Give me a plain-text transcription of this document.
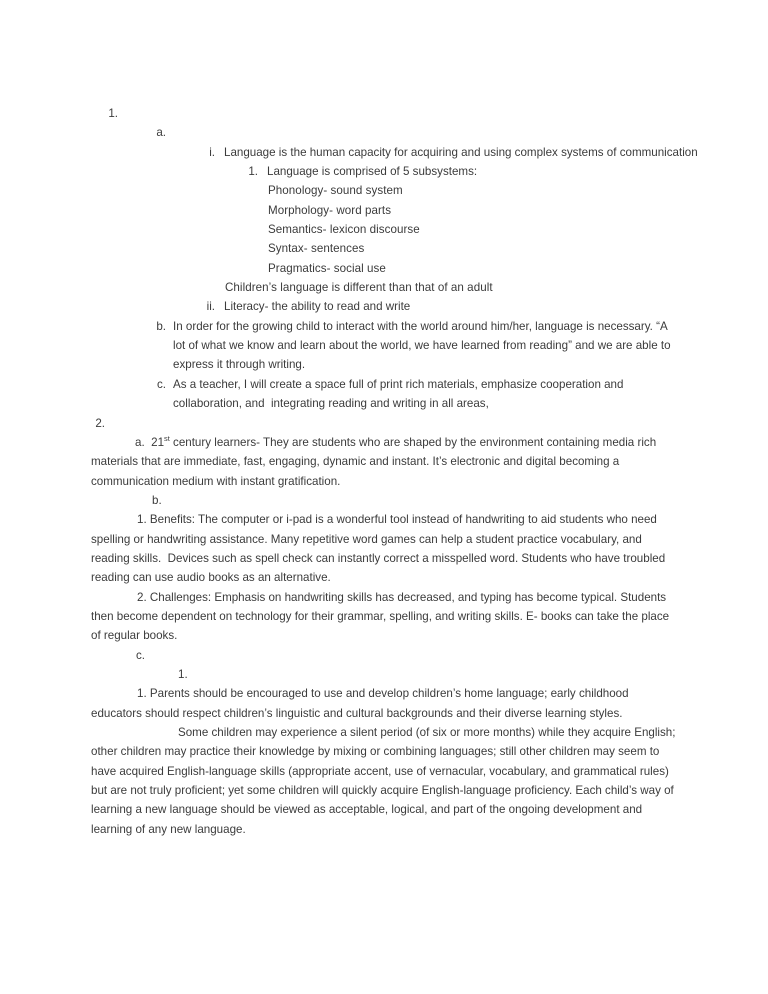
1.
a.
i. Language is the human capacity for acquiring and using complex systems of communication
1. Language is comprised of 5 subsystems:
Phonology- sound system
Morphology- word parts
Semantics- lexicon discourse
Syntax- sentences
Pragmatics- social use
Children’s language is different than that of an adult
ii. Literacy- the ability to read and write
b. In order for the growing child to interact with the world around him/her, language is necessary. “A lot of what we know and learn about the world, we have learned from reading” and we are able to express it through writing.
c. As a teacher, I will create a space full of print rich materials, emphasize cooperation and collaboration, and  integrating reading and writing in all areas,
2.
a. 21st century learners- They are students who are shaped by the environment containing media rich materials that are immediate, fast, engaging, dynamic and instant. It’s electronic and digital becoming a communication medium with instant gratification.
b.
1. Benefits: The computer or i-pad is a wonderful tool instead of handwriting to aid students who need spelling or handwriting assistance. Many repetitive word games can help a student practice vocabulary, and reading skills.  Devices such as spell check can instantly correct a misspelled word. Students who have troubled reading can use audio books as an alternative.
2. Challenges: Emphasis on handwriting skills has decreased, and typing has become typical. Students then become dependent on technology for their grammar, spelling, and writing skills. E- books can take the place of regular books.
c.
1.
1. Parents should be encouraged to use and develop children’s home language; early childhood educators should respect children’s linguistic and cultural backgrounds and their diverse learning styles.
Some children may experience a silent period (of six or more months) while they acquire English; other children may practice their knowledge by mixing or combining languages; still other children may seem to have acquired English-language skills (appropriate accent, use of vernacular, vocabulary, and grammatical rules) but are not truly proficient; yet some children will quickly acquire English-language proficiency. Each child’s way of learning a new language should be viewed as acceptable, logical, and part of the ongoing development and learning of any new language.
